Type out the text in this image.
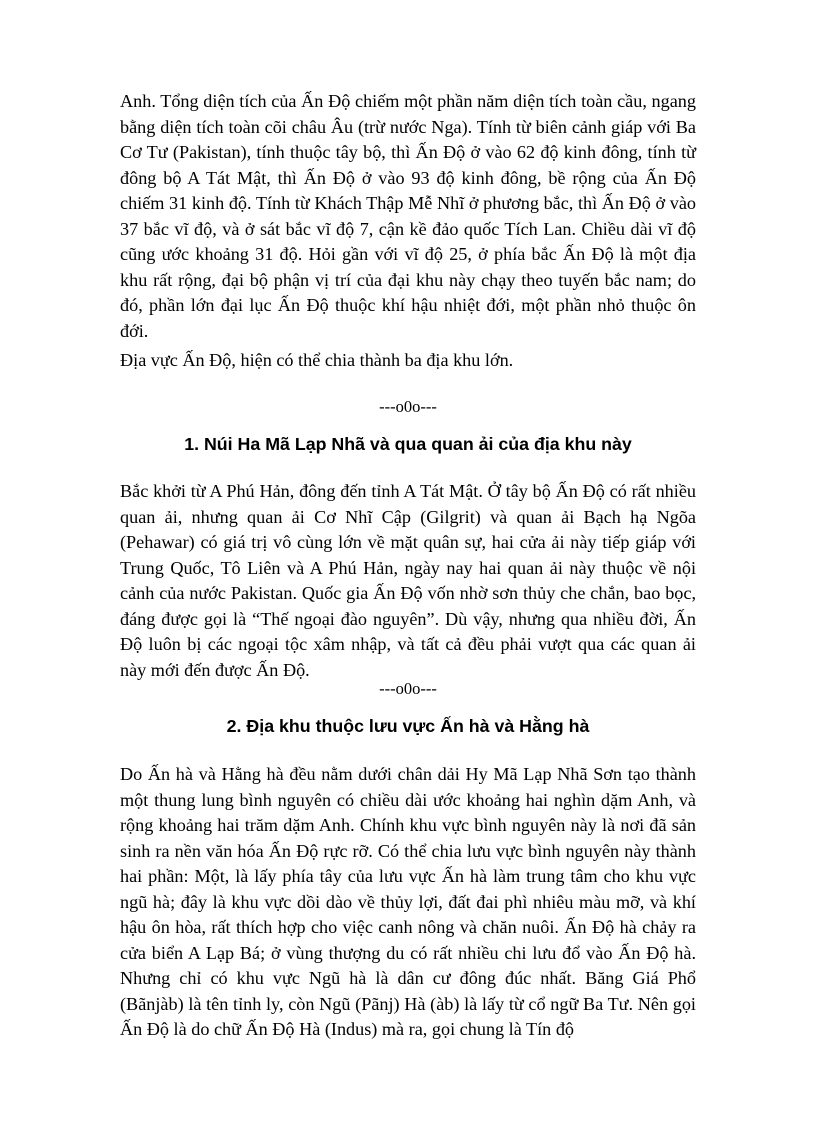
Anh. Tổng diện tích của Ấn Độ chiếm một phần năm diện tích toàn cầu, ngang bằng diện tích toàn cõi châu Âu (trừ nước Nga). Tính từ biên cảnh giáp với Ba Cơ Tư (Pakistan), tính thuộc tây bộ, thì Ấn Độ ở vào 62 độ kinh đông, tính từ đông bộ A Tát Mật, thì Ấn Độ ở vào 93 độ kinh đông, bề rộng của Ấn Độ chiếm 31 kinh độ. Tính từ Khách Thập Mễ Nhĩ ở phương bắc, thì Ấn Độ ở vào 37 bắc vĩ độ, và ở sát bắc vĩ độ 7, cận kề đảo quốc Tích Lan. Chiều dài vĩ độ cũng ước khoảng 31 độ. Hỏi gần với vĩ độ 25, ở phía bắc Ấn Độ là một địa khu rất rộng, đại bộ phận vị trí của đại khu này chạy theo tuyến bắc nam; do đó, phần lớn đại lục Ấn Độ thuộc khí hậu nhiệt đới, một phần nhỏ thuộc ôn đới.

Địa vực Ấn Độ, hiện có thể chia thành ba địa khu lớn.

---o0o---

1. Núi Ha Mã Lạp Nhã và qua quan ải của địa khu này

Bắc khởi từ A Phú Hản, đông đến tỉnh A Tát Mật. Ở tây bộ Ấn Độ có rất nhiều quan ải, nhưng quan ải Cơ Nhĩ Cập (Gilgrit) và quan ải Bạch hạ Ngõa (Pehawar) có giá trị vô cùng lớn về mặt quân sự, hai cửa ải này tiếp giáp với Trung Quốc, Tô Liên và A Phú Hản, ngày nay hai quan ải này thuộc về nội cảnh của nước Pakistan. Quốc gia Ấn Độ vốn nhờ sơn thủy che chắn, bao bọc, đáng được gọi là “Thế ngoại đào nguyên”. Dù vậy, nhưng qua nhiều đời, Ấn Độ luôn bị các ngoại tộc xâm nhập, và tất cả đều phải vượt qua các quan ải này mới đến được Ấn Độ.

---o0o---

2. Địa khu thuộc lưu vực Ấn hà và Hằng hà

Do Ấn hà và Hằng hà đều nằm dưới chân dải Hy Mã Lạp Nhã Sơn tạo thành một thung lung bình nguyên có chiều dài ước khoảng hai nghìn dặm Anh, và rộng khoảng hai trăm dặm Anh. Chính khu vực bình nguyên này là nơi đã sản sinh ra nền văn hóa Ấn Độ rực rỡ. Có thể chia lưu vực bình nguyên này thành hai phần: Một, là lấy phía tây của lưu vực Ấn hà làm trung tâm cho khu vực ngũ hà; đây là khu vực dồi dào về thủy lợi, đất đai phì nhiêu màu mỡ, và khí hậu ôn hòa, rất thích hợp cho việc canh nông và chăn nuôi. Ấn Độ hà chảy ra cửa biển A Lạp Bá; ở vùng thượng du có rất nhiều chi lưu đổ vào Ấn Độ hà. Nhưng chỉ có khu vực Ngũ hà là dân cư đông đúc nhất. Băng Giá Phổ (Bãnjàb) là tên tỉnh ly, còn Ngũ (Pãnj) Hà (àb) là lấy từ cổ ngữ Ba Tư. Nên gọi Ấn Độ là do chữ Ấn Độ Hà (Indus) mà ra, gọi chung là Tín độ
